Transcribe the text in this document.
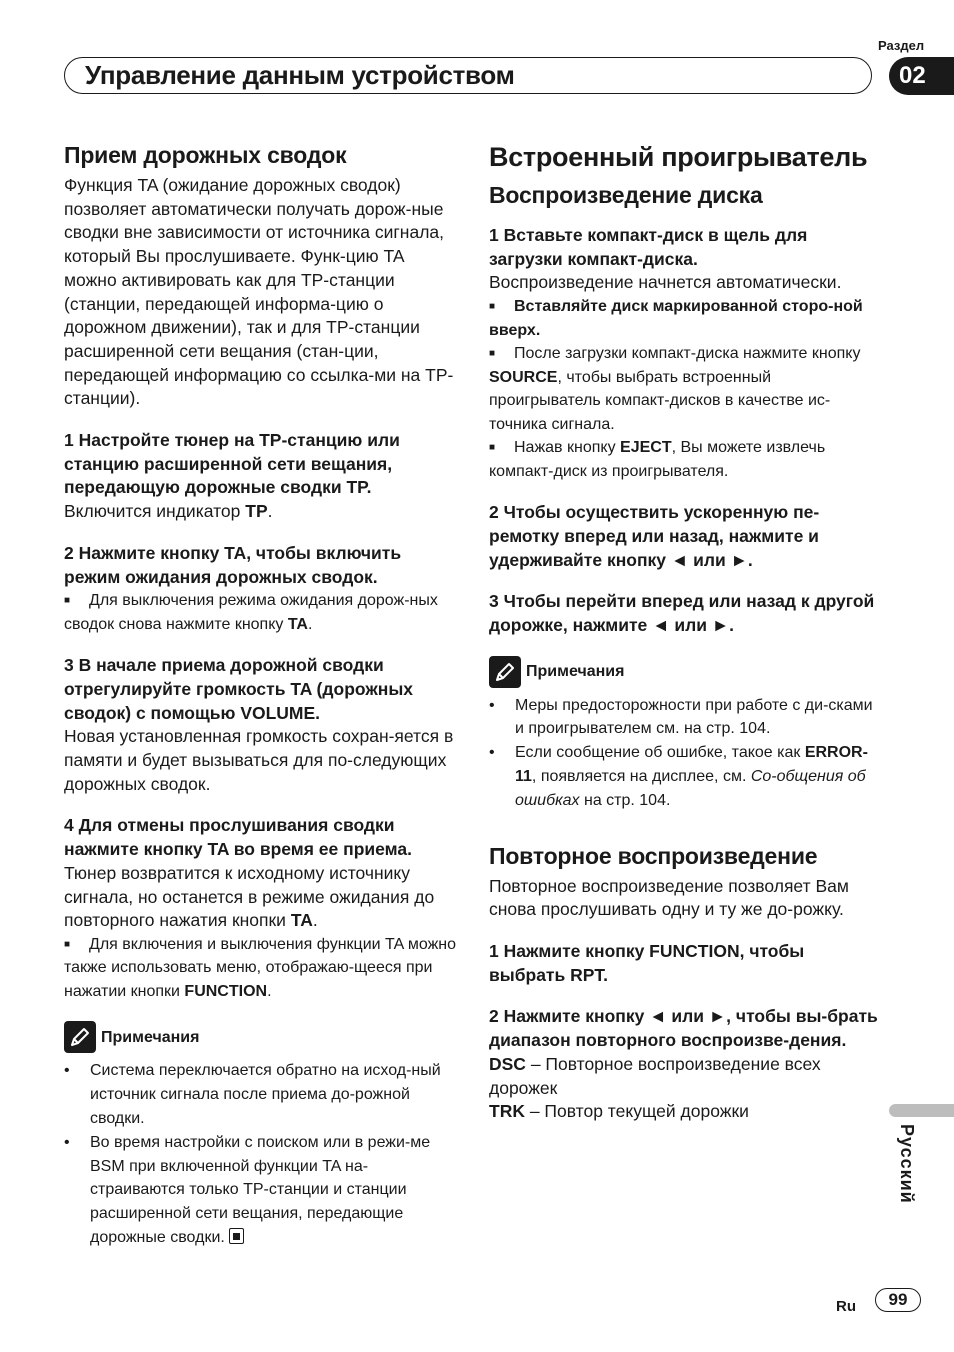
Раздел
Управление данным устройством	02
Прием дорожных сводок

Функция TA (ожидание дорожных сводок) позволяет автоматически получать дорож-ные сводки вне зависимости от источника сигнала, который Вы прослушиваете. Функ-цию TA можно активировать как для TP-станции (станции, передающей информа-цию о дорожном движении), так и для TP-станции расширенной сети вещания (стан-ции, передающей информацию со ссылка-ми на TP-станции).

1 Настройте тюнер на TP-станцию или станцию расширенной сети вещания, передающую дорожные сводки TP.

Включится индикатор TP.

2 Нажмите кнопку TA, чтобы включить режим ожидания дорожных сводок.

■ Для выключения режима ожидания дорож-ных сводок снова нажмите кнопку TA.

3 В начале приема дорожной сводки отрегулируйте громкость TA (дорожных сводок) с помощью VOLUME.

Новая установленная громкость сохран-яется в памяти и будет вызываться для по-следующих дорожных сводок.

4 Для отмены прослушивания сводки нажмите кнопку TA во время ее приема.

Тюнер возвратится к исходному источнику сигнала, но останется в режиме ожидания до повторного нажатия кнопки TA.

■ Для включения и выключения функции TA можно также использовать меню, отображаю-щееся при нажатии кнопки FUNCTION.

Примечания
• Система переключается обратно на исход-ный источник сигнала после приема до-рожной сводки.
• Во время настройки с поиском или в режи-ме BSM при включенной функции TA на-страиваются только TP-станции и станции расширенной сети вещания, передающие дорожные сводки.
Встроенный проигрыватель
Воспроизведение диска

1 Вставьте компакт-диск в щель для загрузки компакт-диска.

Воспроизведение начнется автоматически.

■ Вставляйте диск маркированной сторо-ной вверх.

■ После загрузки компакт-диска нажмите кнопку SOURCE, чтобы выбрать встроенный проигрыватель компакт-дисков в качестве ис-точника сигнала.

■ Нажав кнопку EJECT, Вы можете извлечь компакт-диск из проигрывателя.

2 Чтобы осуществить ускоренную пе-ремотку вперед или назад, нажмите и удерживайте кнопку ◄ или ►.

3 Чтобы перейти вперед или назад к другой дорожке, нажмите ◄ или ►.

Примечания
• Меры предосторожности при работе с ди-сками и проигрывателем см. на стр. 104.
• Если сообщение об ошибке, такое как ERROR-11, появляется на дисплее, см. Со-общения об ошибках на стр. 104.
Повторное воспроизведение

Повторное воспроизведение позволяет Вам снова прослушивать одну и ту же до-рожку.

1 Нажмите кнопку FUNCTION, чтобы выбрать RPT.

2 Нажмите кнопку ◄ или ►, чтобы вы-брать диапазон повторного воспроизве-дения.

DSC – Повторное воспроизведение всех дорожек

TRK – Повтор текущей дорожки

Русский
Ru	99
